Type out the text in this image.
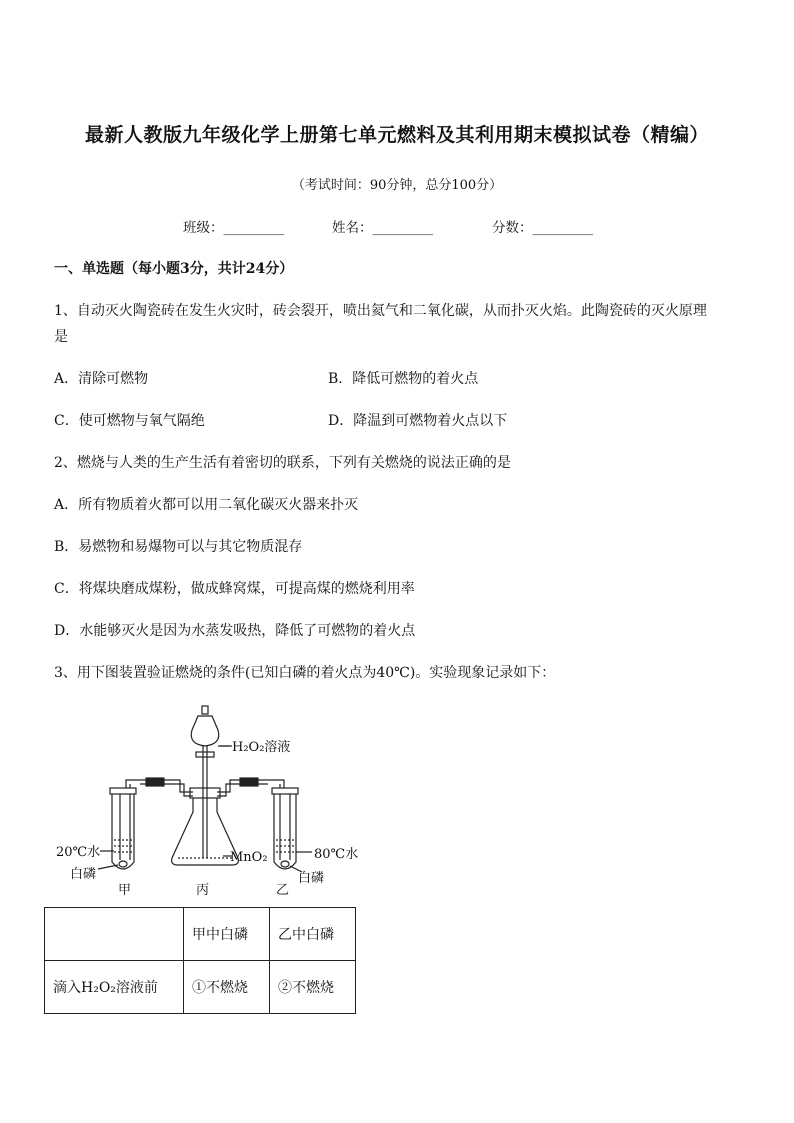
最新人教版九年级化学上册第七单元燃料及其利用期末模拟试卷（精编）
（考试时间：90分钟，总分100分）
班级：_________	姓名：_________	分数：_________
一、单选题（每小题3分，共计24分）
1、自动灭火陶瓷砖在发生火灾时，砖会裂开，喷出氦气和二氧化碳，从而扑灭火焰。此陶瓷砖的灭火原理
是
A．清除可燃物	B．降低可燃物的着火点
C．使可燃物与氧气隔绝	D．降温到可燃物着火点以下
2、燃烧与人类的生产生活有着密切的联系，下列有关燃烧的说法正确的是
A．所有物质着火都可以用二氧化碳灭火器来扑灭
B．易燃物和易爆物可以与其它物质混存
C．将煤块磨成煤粉，做成蜂窝煤，可提高煤的燃烧利用率
D．水能够灭火是因为水蒸发吸热，降低了可燃物的着火点
3、用下图装置验证燃烧的条件(已知白磷的着火点为40℃)。实验现象记录如下：
H₂O₂溶液
MnO₂
20℃水
白磷
80℃水
白磷
甲	丙	乙
	甲中白磷	乙中白磷
滴入H₂O₂溶液前	①不燃烧	②不燃烧
